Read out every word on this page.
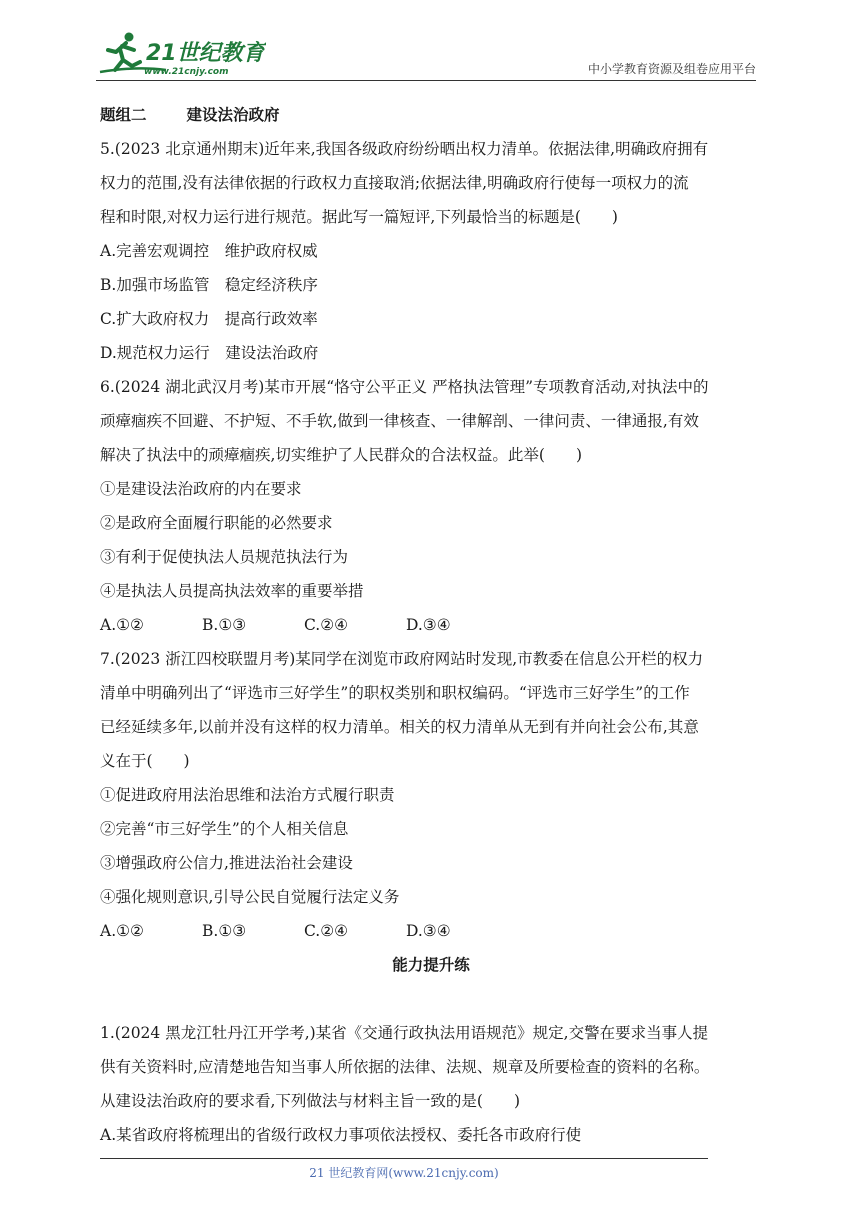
21世纪教育
www.21cnjy.com	中小学教育资源及组卷应用平台
题组二	建设法治政府
5.(2023 北京通州期末)近年来,我国各级政府纷纷晒出权力清单。依据法律,明确政府拥有
权力的范围,没有法律依据的行政权力直接取消;依据法律,明确政府行使每一项权力的流
程和时限,对权力运行进行规范。据此写一篇短评,下列最恰当的标题是(　　)
A.完善宏观调控　维护政府权威
B.加强市场监管　稳定经济秩序
C.扩大政府权力　提高行政效率
D.规范权力运行　建设法治政府
6.(2024 湖北武汉月考)某市开展“恪守公平正义 严格执法管理”专项教育活动,对执法中的
顽瘴痼疾不回避、不护短、不手软,做到一律核查、一律解剖、一律问责、一律通报,有效
解决了执法中的顽瘴痼疾,切实维护了人民群众的合法权益。此举(　　)
①是建设法治政府的内在要求
②是政府全面履行职能的必然要求
③有利于促使执法人员规范执法行为
④是执法人员提高执法效率的重要举措
A.①②	B.①③	C.②④	D.③④
7.(2023 浙江四校联盟月考)某同学在浏览市政府网站时发现,市教委在信息公开栏的权力
清单中明确列出了“评选市三好学生”的职权类别和职权编码。“评选市三好学生”的工作
已经延续多年,以前并没有这样的权力清单。相关的权力清单从无到有并向社会公布,其意
义在于(　　)
①促进政府用法治思维和法治方式履行职责
②完善“市三好学生”的个人相关信息
③增强政府公信力,推进法治社会建设
④强化规则意识,引导公民自觉履行法定义务
A.①②	B.①③	C.②④	D.③④
能力提升练
1.(2024 黑龙江牡丹江开学考,)某省《交通行政执法用语规范》规定,交警在要求当事人提
供有关资料时,应清楚地告知当事人所依据的法律、法规、规章及所要检查的资料的名称。
从建设法治政府的要求看,下列做法与材料主旨一致的是(　　)
A.某省政府将梳理出的省级行政权力事项依法授权、委托各市政府行使
21 世纪教育网(www.21cnjy.com)
